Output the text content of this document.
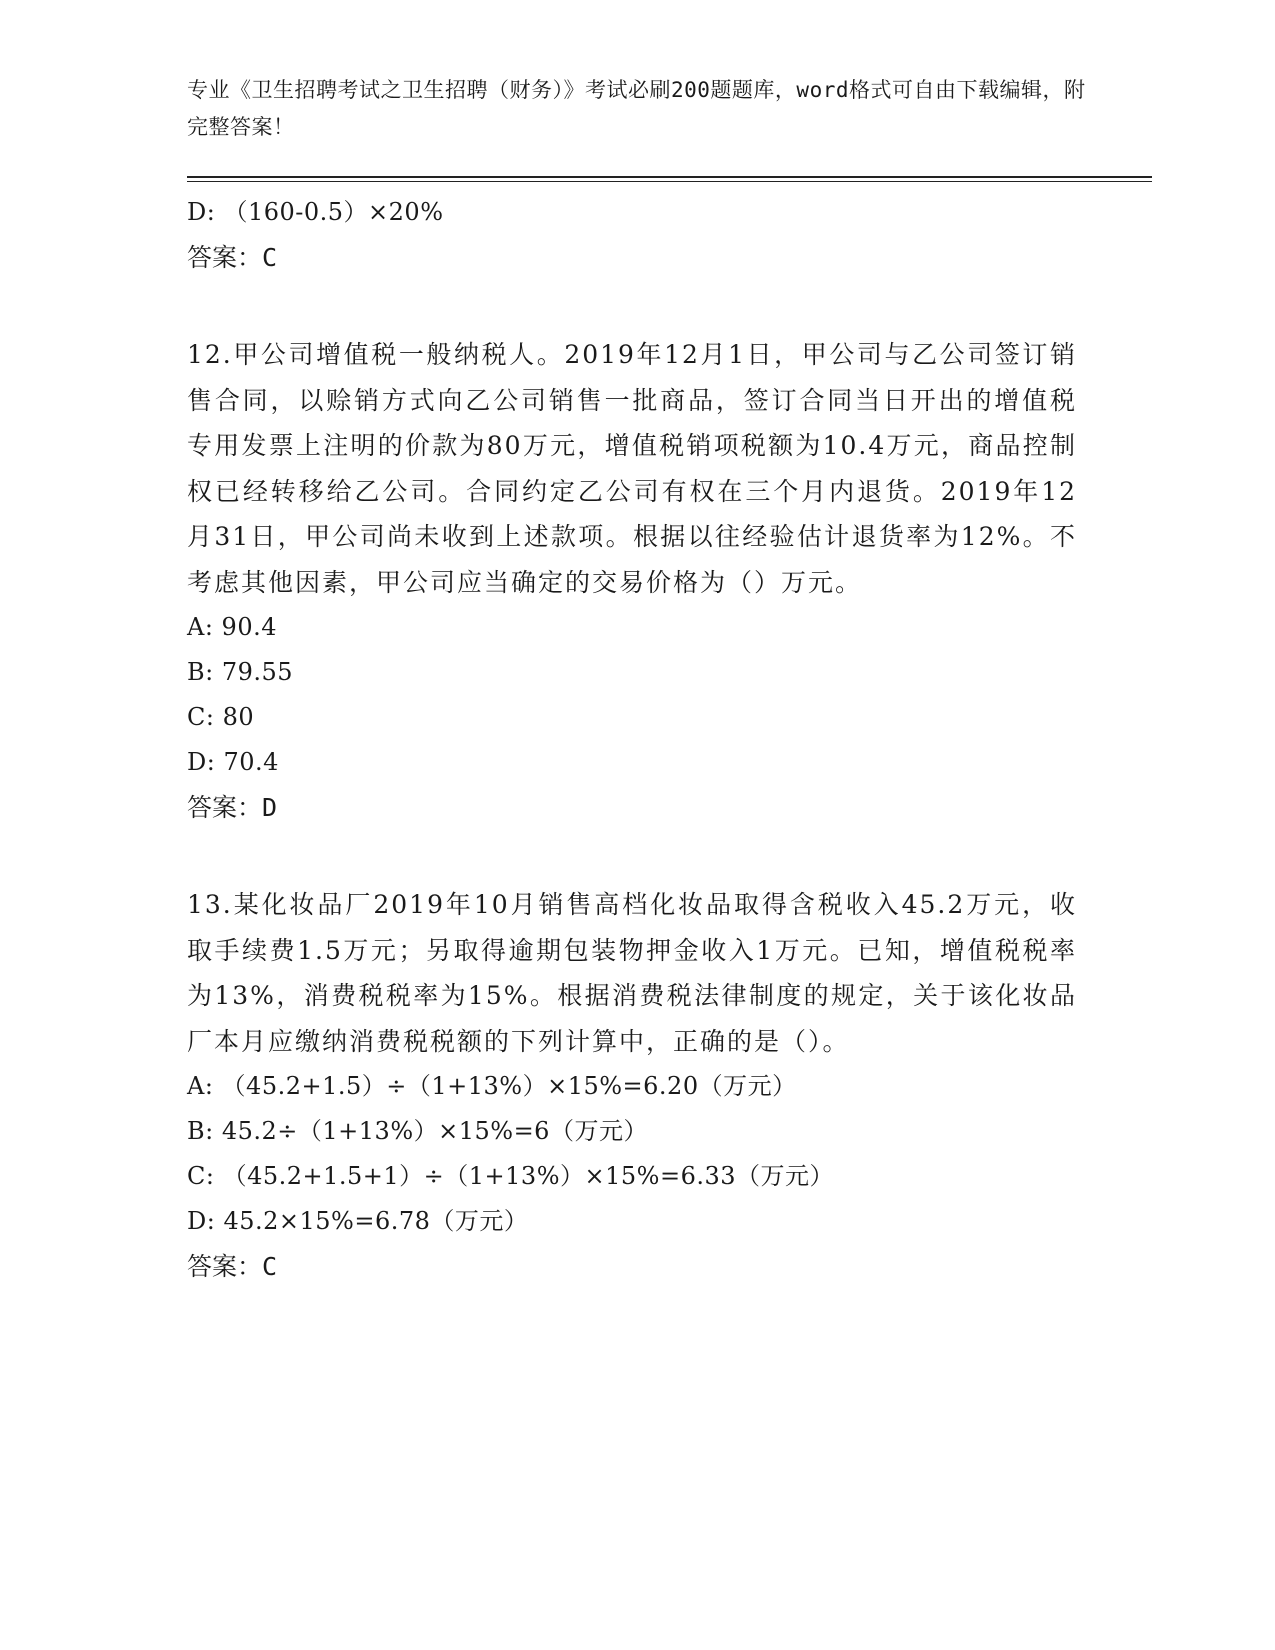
专业《卫生招聘考试之卫生招聘（财务）》考试必刷200题题库，word格式可自由下载编辑，附完整答案！
D: （160-0.5）×20%
答案：C
12.甲公司增值税一般纳税人。2019年12月1日，甲公司与乙公司签订销售合同，以赊销方式向乙公司销售一批商品，签订合同当日开出的增值税专用发票上注明的价款为80万元，增值税销项税额为10.4万元，商品控制权已经转移给乙公司。合同约定乙公司有权在三个月内退货。2019年12月31日，甲公司尚未收到上述款项。根据以往经验估计退货率为12%。不考虑其他因素，甲公司应当确定的交易价格为（）万元。
A: 90.4
B: 79.55
C: 80
D: 70.4
答案：D
13.某化妆品厂2019年10月销售高档化妆品取得含税收入45.2万元，收取手续费1.5万元；另取得逾期包装物押金收入1万元。已知，增值税税率为13%，消费税税率为15%。根据消费税法律制度的规定，关于该化妆品厂本月应缴纳消费税税额的下列计算中，正确的是（）。
A: （45.2+1.5）÷（1+13%）×15%=6.20（万元）
B: 45.2÷（1+13%）×15%=6（万元）
C: （45.2+1.5+1）÷（1+13%）×15%=6.33（万元）
D: 45.2×15%=6.78（万元）
答案：C
